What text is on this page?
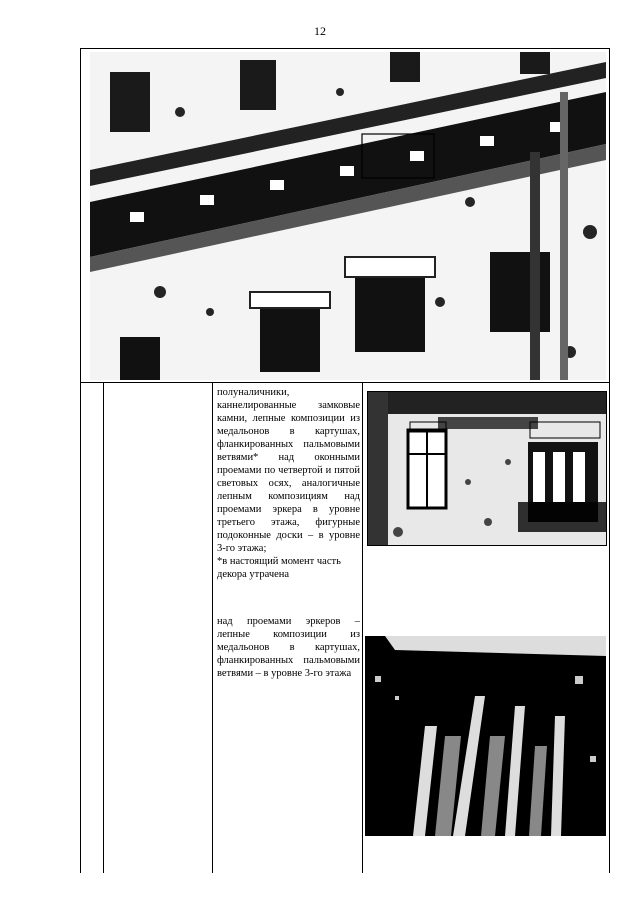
12

полуналичники, каннелированные замковые камни, лепные композиции из медальонов в картушах, фланкированных пальмовыми ветвями* над оконными проемами по четвертой и пятой световых осях, аналогичные лепным композициям над проемами эркера в уровне третьего этажа, фигурные подоконные доски – в уровне 3-го этажа;

*в настоящий момент часть декора утрачена

над проемами эркеров – лепные композиции из медальонов в картушах, фланкированных пальмовыми ветвями – в уровне 3-го этажа
